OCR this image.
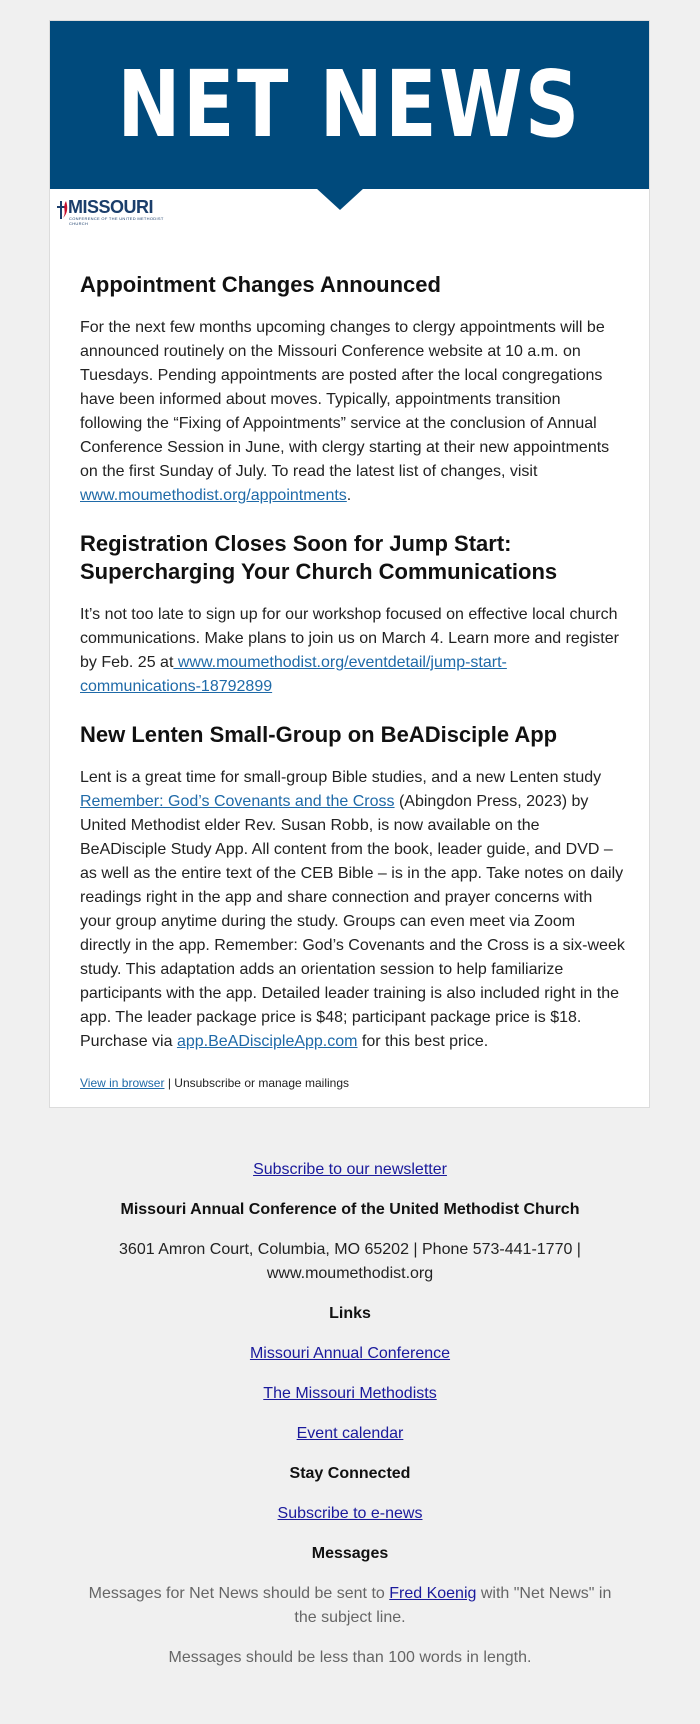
NET NEWS
MISSOURI
CONFERENCE OF THE UNITED METHODIST CHURCH
Appointment Changes Announced

For the next few months upcoming changes to clergy appointments will be announced routinely on the Missouri Conference website at 10 a.m. on Tuesdays. Pending appointments are posted after the local congregations have been informed about moves. Typically, appointments transition following the “Fixing of Appointments” service at the conclusion of Annual Conference Session in June, with clergy starting at their new appointments on the first Sunday of July. To read the latest list of changes, visit www.moumethodist.org/appointments.

Registration Closes Soon for Jump Start: Supercharging Your Church Communications

It’s not too late to sign up for our workshop focused on effective local church communications. Make plans to join us on March 4. Learn more and register by Feb. 25 at www.moumethodist.org/eventdetail/jump-start-communications-18792899

New Lenten Small-Group on BeADisciple App

Lent is a great time for small-group Bible studies, and a new Lenten study Remember: God’s Covenants and the Cross (Abingdon Press, 2023) by United Methodist elder Rev. Susan Robb, is now available on the BeADisciple Study App. All content from the book, leader guide, and DVD – as well as the entire text of the CEB Bible – is in the app. Take notes on daily readings right in the app and share connection and prayer concerns with your group anytime during the study. Groups can even meet via Zoom directly in the app. Remember: God’s Covenants and the Cross is a six-week study. This adaptation adds an orientation session to help familiarize participants with the app. Detailed leader training is also included right in the app. The leader package price is $48; participant package price is $18. Purchase via app.BeADiscipleApp.com for this best price.

View in browser | Unsubscribe or manage mailings

Subscribe to our newsletter

Missouri Annual Conference of the United Methodist Church

3601 Amron Court, Columbia, MO 65202 | Phone 573-441-1770 | www.moumethodist.org

Links

Missouri Annual Conference

The Missouri Methodists

Event calendar

Stay Connected

Subscribe to e-news

Messages

Messages for Net News should be sent to Fred Koenig with "Net News" in the subject line.

Messages should be less than 100 words in length.
